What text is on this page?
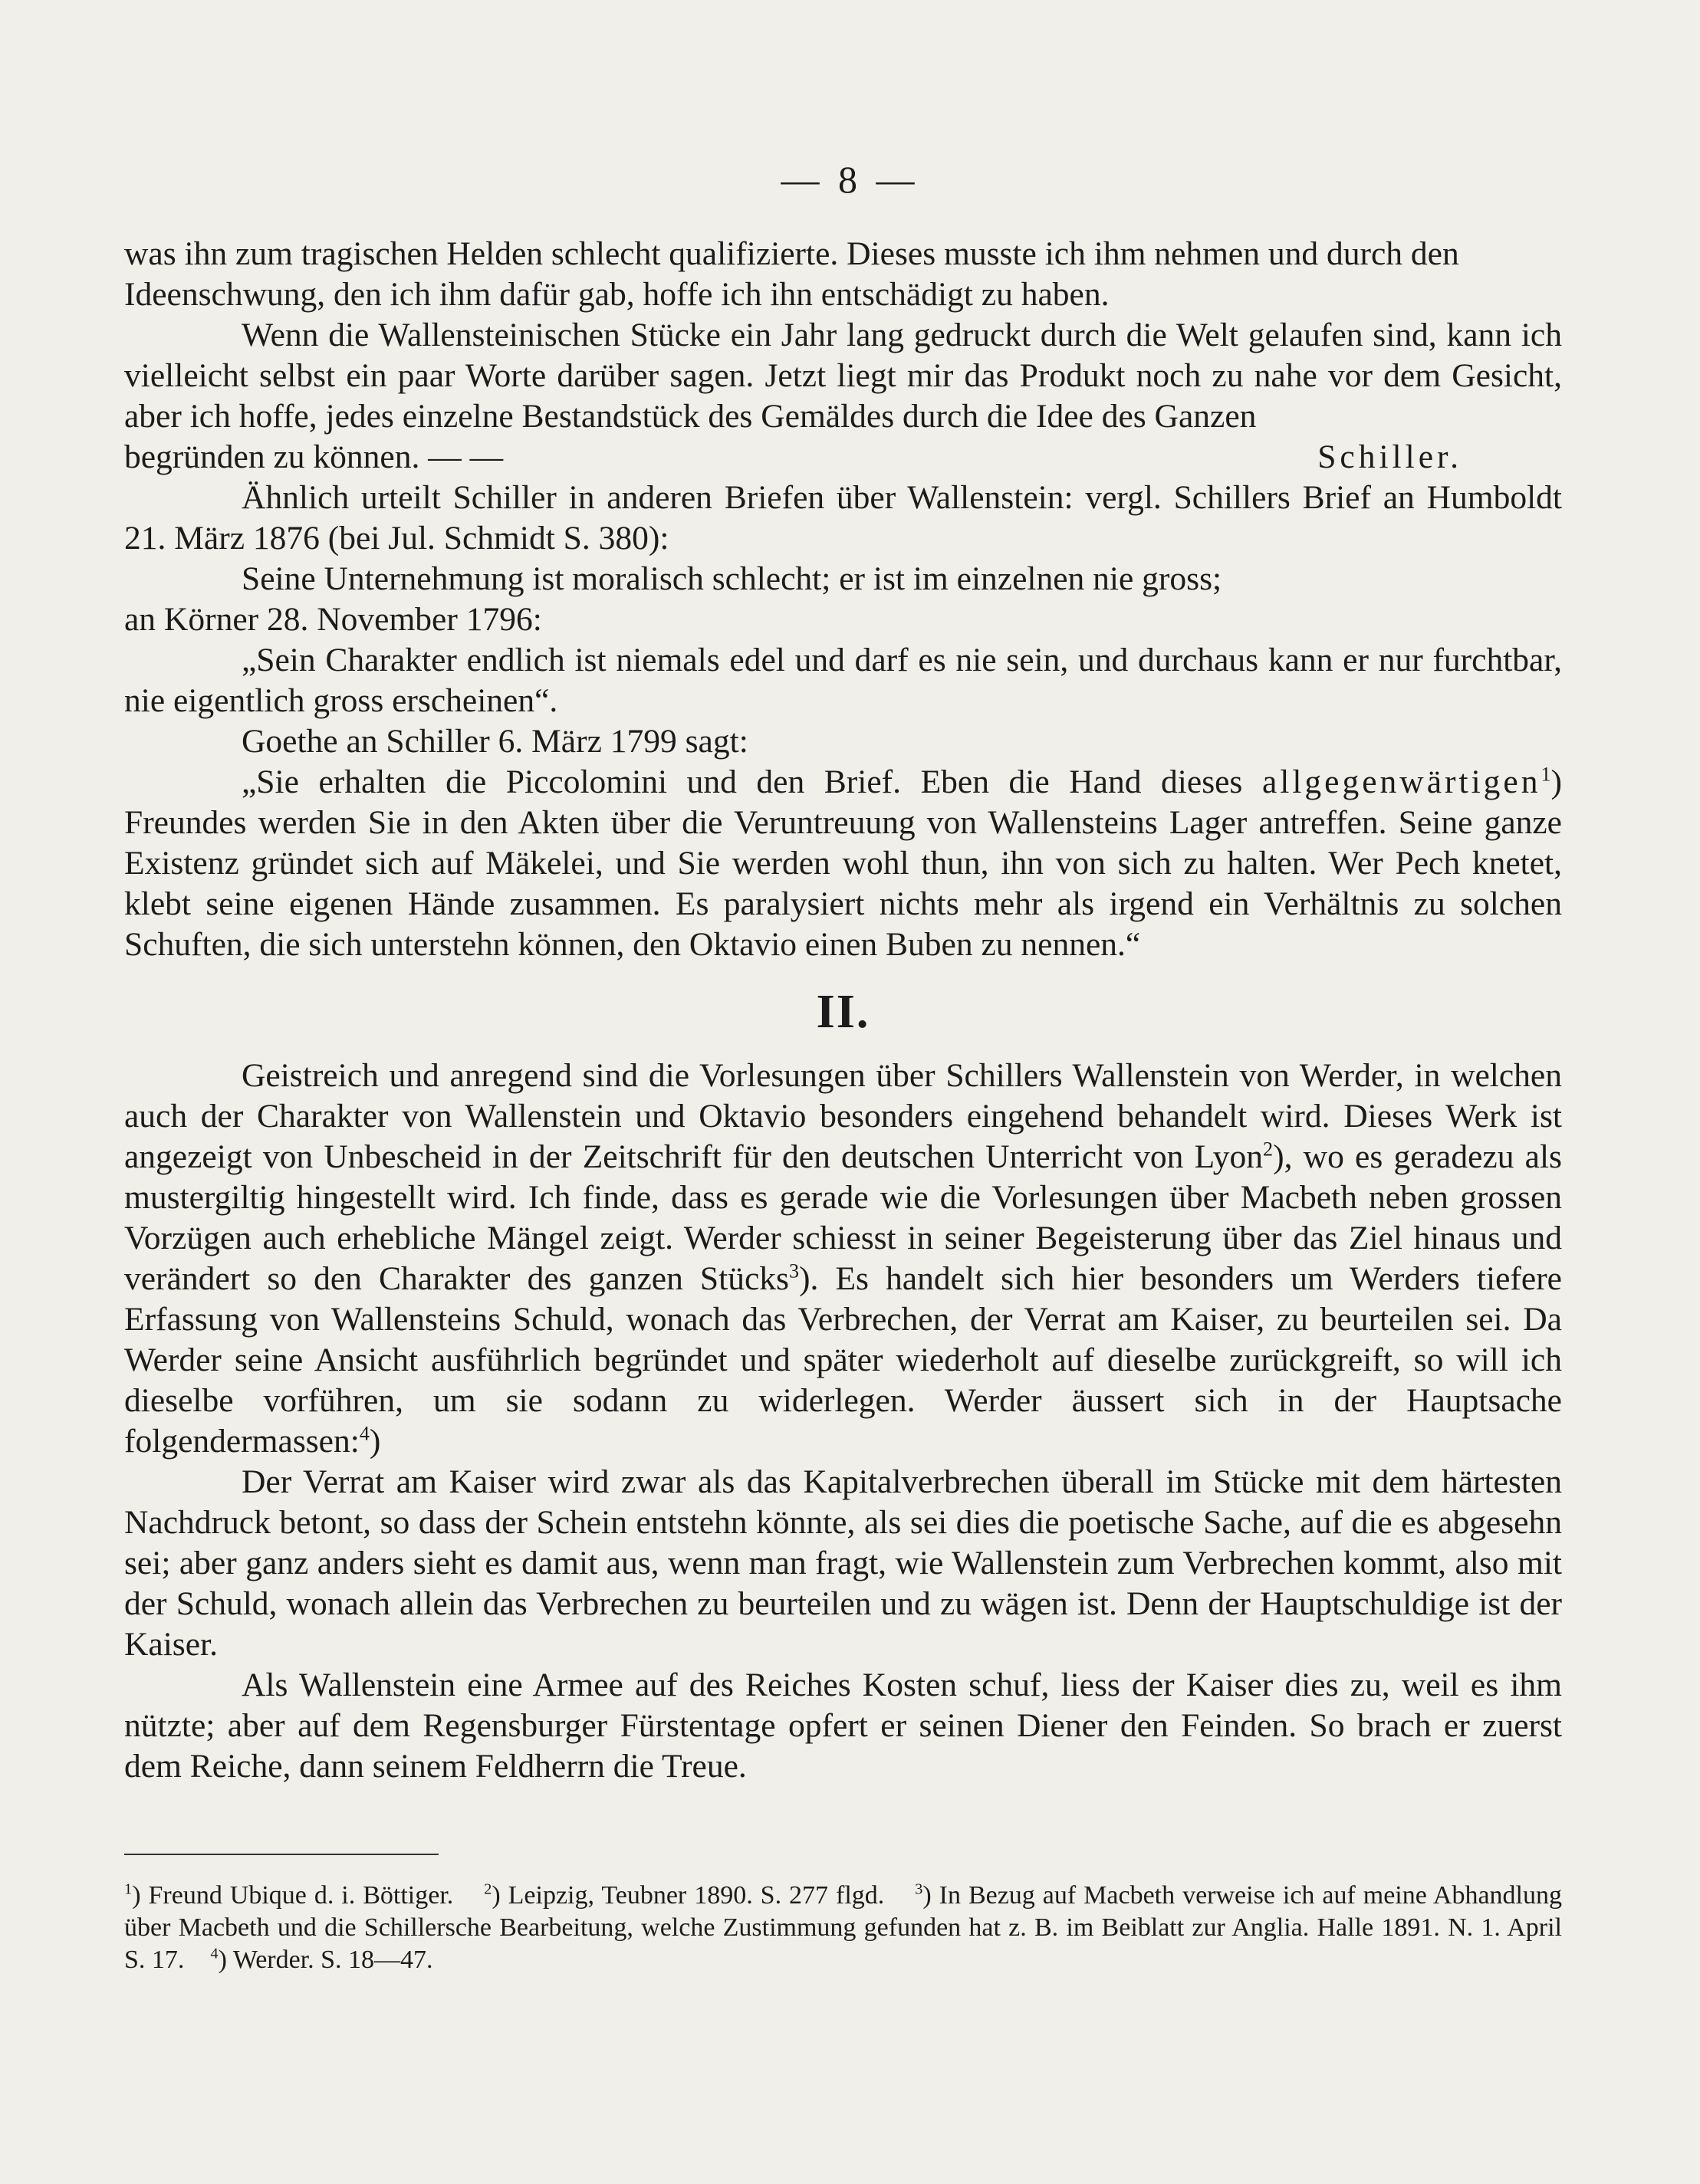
— 8 —

was ihn zum tragischen Helden schlecht qualifizierte. Dieses musste ich ihm nehmen und durch den

Ideenschwung, den ich ihm dafür gab, hoffe ich ihn entschädigt zu haben.

Wenn die Wallensteinischen Stücke ein Jahr lang gedruckt durch die Welt gelaufen sind, kann ich vielleicht selbst ein paar Worte darüber sagen. Jetzt liegt mir das Produkt noch zu nahe vor dem Gesicht, aber ich hoffe, jedes einzelne Bestandstück des Gemäldes durch die Idee des Ganzen

begründen zu können. — —	Schiller.

Ähnlich urteilt Schiller in anderen Briefen über Wallenstein: vergl. Schillers Brief an Humboldt 21. März 1876 (bei Jul. Schmidt S. 380):

Seine Unternehmung ist moralisch schlecht; er ist im einzelnen nie gross;

an Körner 28. November 1796:

„Sein Charakter endlich ist niemals edel und darf es nie sein, und durchaus kann er nur furchtbar, nie eigentlich gross erscheinen“.

Goethe an Schiller 6. März 1799 sagt:

„Sie erhalten die Piccolomini und den Brief. Eben die Hand dieses allgegenwärtigen$^1$) Freundes werden Sie in den Akten über die Veruntreuung von Wallensteins Lager antreffen. Seine ganze Existenz gründet sich auf Mäkelei, und Sie werden wohl thun, ihn von sich zu halten. Wer Pech knetet, klebt seine eigenen Hände zusammen. Es paralysiert nichts mehr als irgend ein Verhältnis zu solchen Schuften, die sich unterstehn können, den Oktavio einen Buben zu nennen.“

II.

Geistreich und anregend sind die Vorlesungen über Schillers Wallenstein von Werder, in welchen auch der Charakter von Wallenstein und Oktavio besonders eingehend behandelt wird. Dieses Werk ist angezeigt von Unbescheid in der Zeitschrift für den deutschen Unterricht von Lyon$^2$), wo es geradezu als mustergiltig hingestellt wird. Ich finde, dass es gerade wie die Vorlesungen über Macbeth neben grossen Vorzügen auch erhebliche Mängel zeigt. Werder schiesst in seiner Begeisterung über das Ziel hinaus und verändert so den Charakter des ganzen Stücks$^3$). Es handelt sich hier besonders um Werders tiefere Erfassung von Wallensteins Schuld, wonach das Verbrechen, der Verrat am Kaiser, zu beurteilen sei. Da Werder seine Ansicht ausführlich begründet und später wiederholt auf dieselbe zurückgreift, so will ich dieselbe vorführen, um sie sodann zu widerlegen. Werder äussert sich in der Hauptsache folgendermassen:$^4$)

Der Verrat am Kaiser wird zwar als das Kapitalverbrechen überall im Stücke mit dem härtesten Nachdruck betont, so dass der Schein entstehn könnte, als sei dies die poetische Sache, auf die es abgesehn sei; aber ganz anders sieht es damit aus, wenn man fragt, wie Wallenstein zum Verbrechen kommt, also mit der Schuld, wonach allein das Verbrechen zu beurteilen und zu wägen ist. Denn der Hauptschuldige ist der Kaiser.

Als Wallenstein eine Armee auf des Reiches Kosten schuf, liess der Kaiser dies zu, weil es ihm nützte; aber auf dem Regensburger Fürstentage opfert er seinen Diener den Feinden. So brach er zuerst dem Reiche, dann seinem Feldherrn die Treue.

$^1$) Freund Ubique d. i. Böttiger. $^2$) Leipzig, Teubner 1890. S. 277 flgd. $^3$) In Bezug auf Macbeth verweise ich auf meine Abhandlung über Macbeth und die Schillersche Bearbeitung, welche Zustimmung gefunden hat z. B. im Beiblatt zur Anglia. Halle 1891. N. 1. April S. 17. $^4$) Werder. S. 18—47.
